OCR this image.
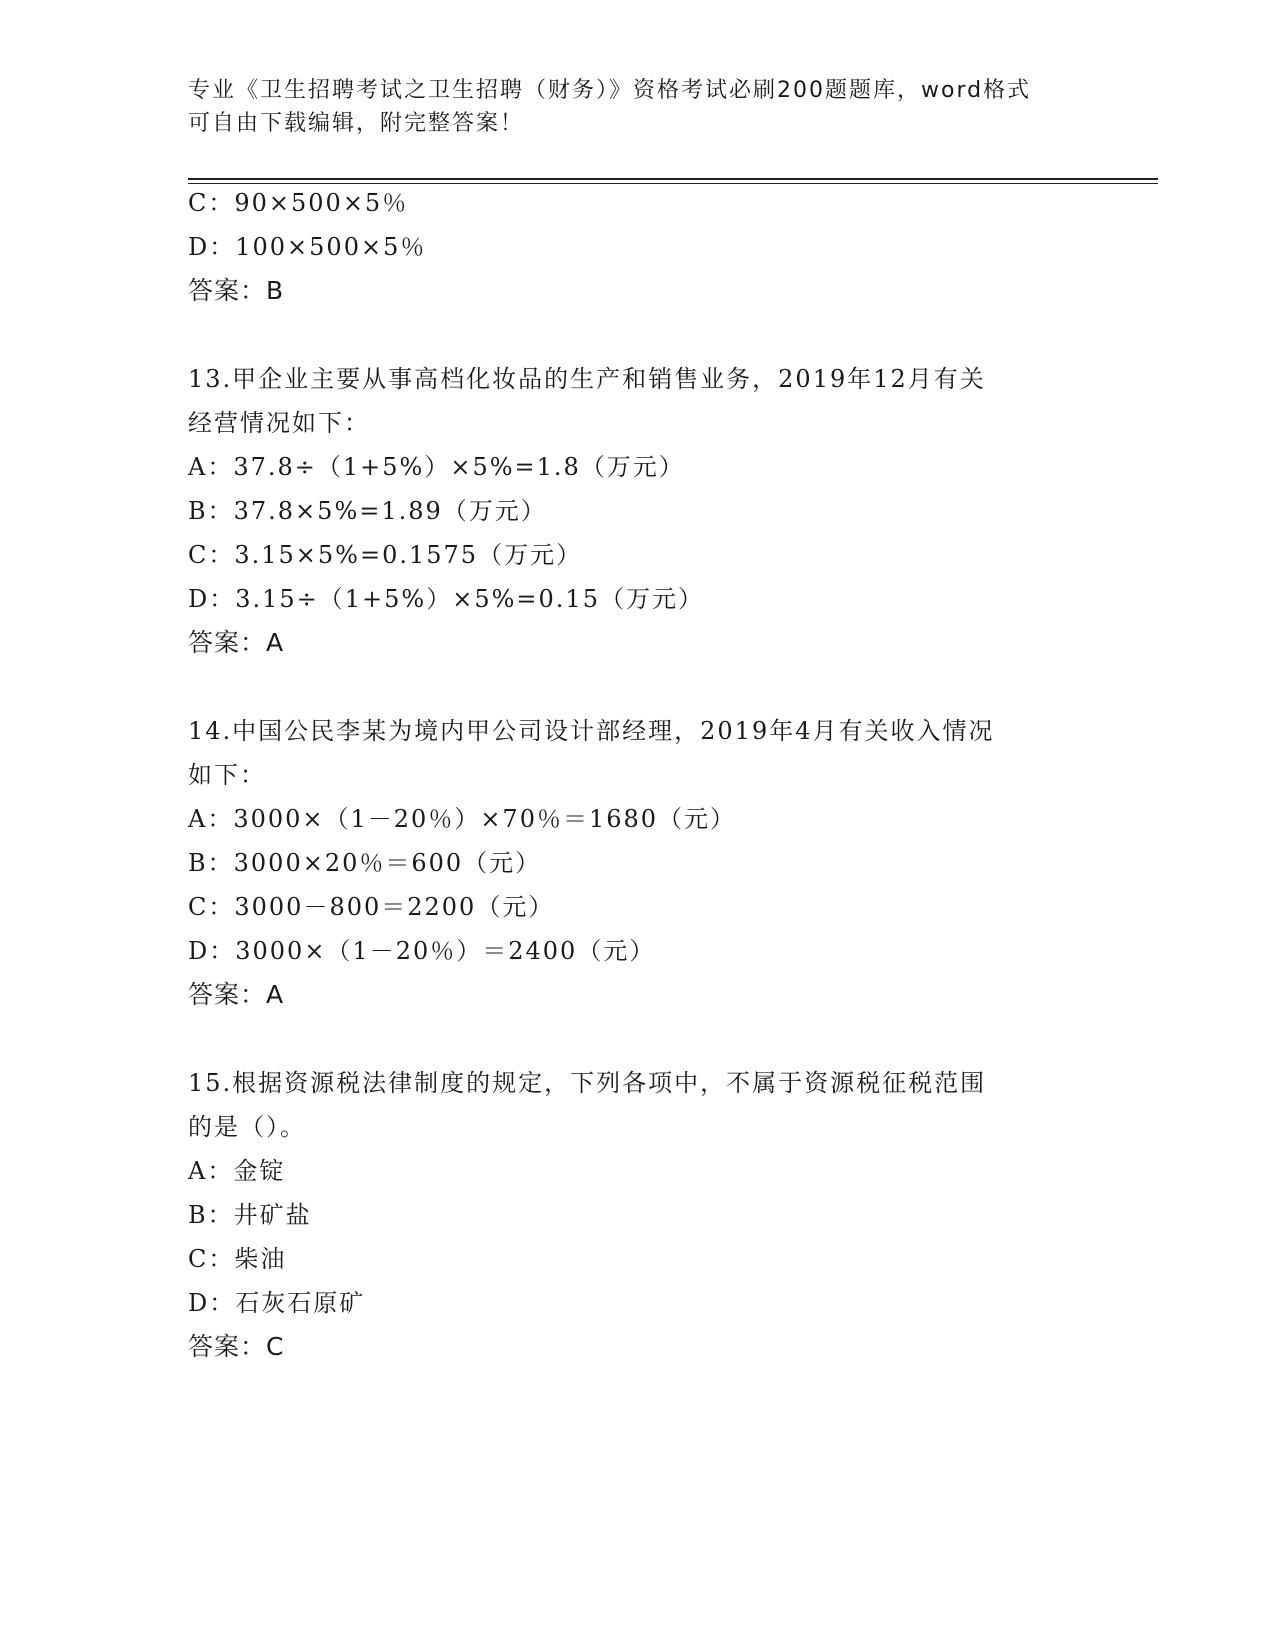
专业《卫生招聘考试之卫生招聘（财务）》资格考试必刷200题题库，word格式
可自由下载编辑，附完整答案！
C：90×500×5％
D：100×500×5％
答案：B
13.甲企业主要从事高档化妆品的生产和销售业务，2019年12月有关
经营情况如下：
A：37.8÷（1+5%）×5%=1.8（万元）
B：37.8×5%=1.89（万元）
C：3.15×5%=0.1575（万元）
D：3.15÷（1+5%）×5%=0.15（万元）
答案：A
14.中国公民李某为境内甲公司设计部经理，2019年4月有关收入情况
如下：
A：3000×（1－20％）×70％＝1680（元）
B：3000×20％＝600（元）
C：3000－800＝2200（元）
D：3000×（1－20％）＝2400（元）
答案：A
15.根据资源税法律制度的规定，下列各项中，不属于资源税征税范围
的是（）。
A：金锭
B：井矿盐
C：柴油
D：石灰石原矿
答案：C
